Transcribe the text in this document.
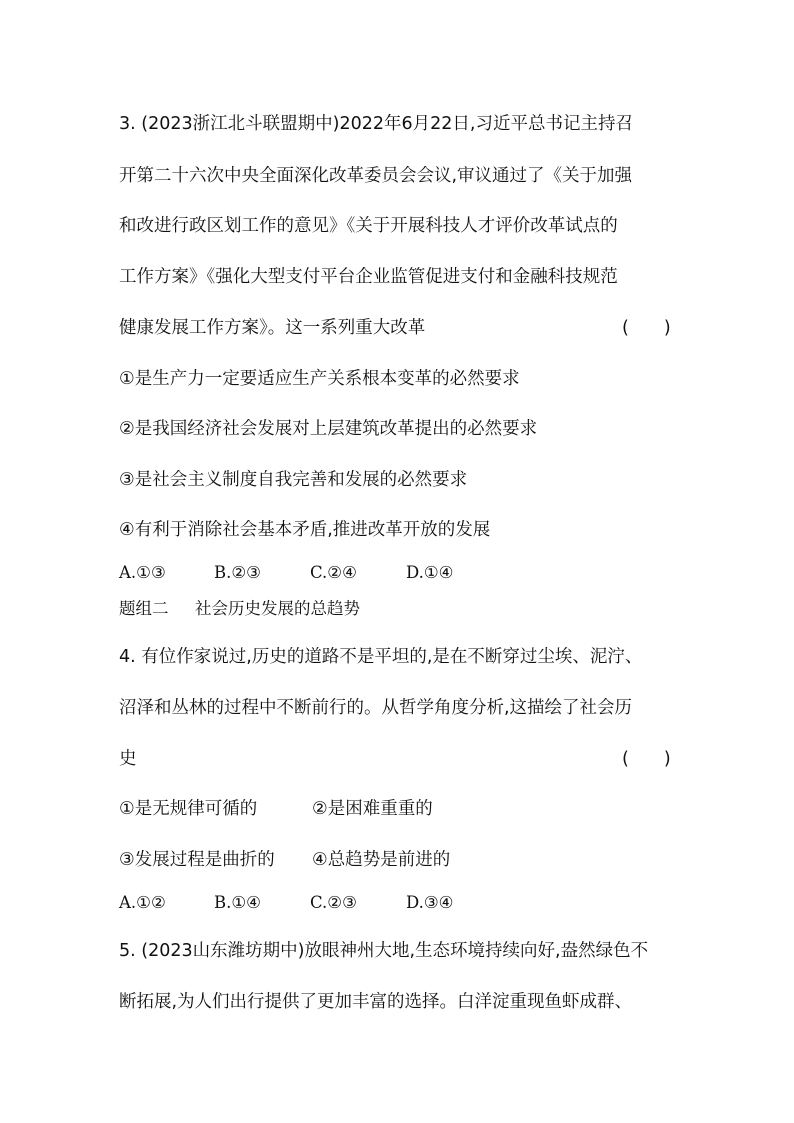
3. (2023浙江北斗联盟期中)2022年6月22日,习近平总书记主持召
开第二十六次中央全面深化改革委员会会议,审议通过了《关于加强
和改进行政区划工作的意见》《关于开展科技人才评价改革试点的
工作方案》《强化大型支付平台企业监管促进支付和金融科技规范
健康发展工作方案》。这一系列重大改革	(　　)
①是生产力一定要适应生产关系根本变革的必然要求
②是我国经济社会发展对上层建筑改革提出的必然要求
③是社会主义制度自我完善和发展的必然要求
④有利于消除社会基本矛盾,推进改革开放的发展
A.①③	B.②③	C.②④	D.①④
题组二 社会历史发展的总趋势
4. 有位作家说过,历史的道路不是平坦的,是在不断穿过尘埃、泥泞、
沼泽和丛林的过程中不断前行的。从哲学角度分析,这描绘了社会历
史	(　　)
①是无规律可循的	②是困难重重的
③发展过程是曲折的 ④总趋势是前进的
A.①②	B.①④	C.②③	D.③④
5. (2023山东潍坊期中)放眼神州大地,生态环境持续向好,盎然绿色不
断拓展,为人们出行提供了更加丰富的选择。白洋淀重现鱼虾成群、
